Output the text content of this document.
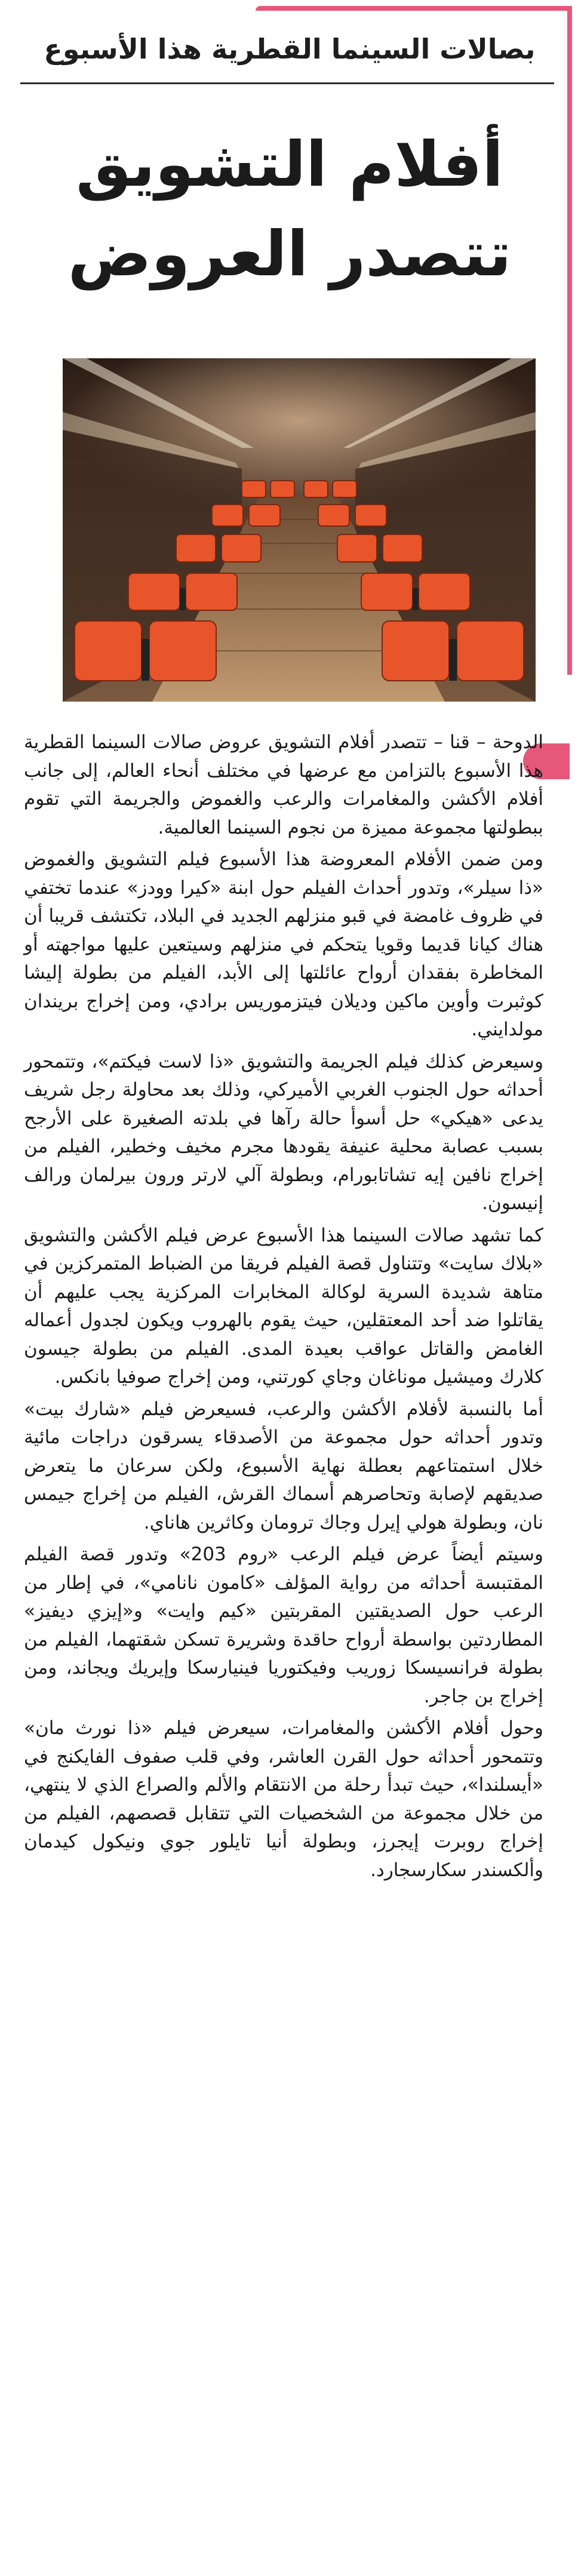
بصالات السينما القطرية هذا الأسبوع
أفلام التشويق
تتصدر العروض

الدوحة – قنا – تتصدر أفلام التشويق عروض صالات السينما القطرية هذا الأسبوع بالتزامن مع عرضها في مختلف أنحاء العالم، إلى جانب أفلام الأكشن والمغامرات والرعب والغموض والجريمة التي تقوم ببطولتها مجموعة مميزة من نجوم السينما العالمية.

ومن ضمن الأفلام المعروضة هذا الأسبوع فيلم التشويق والغموض «ذا سيلر»، وتدور أحداث الفيلم حول ابنة «كيرا وودز» عندما تختفي في ظروف غامضة في قبو منزلهم الجديد في البلاد، تكتشف قريبا أن هناك كيانا قديما وقويا يتحكم في منزلهم وسيتعين عليها مواجهته أو المخاطرة بفقدان أرواح عائلتها إلى الأبد، الفيلم من بطولة إليشا كوثبرت وأوين ماكين وديلان فيتزموريس برادي، ومن إخراج بريندان مولدايني.

وسيعرض كذلك فيلم الجريمة والتشويق «ذا لاست فيكتم»، وتتمحور أحداثه حول الجنوب الغربي الأميركي، وذلك بعد محاولة رجل شريف يدعى «هيكي» حل أسوأ حالة رآها في بلدته الصغيرة على الأرجح بسبب عصابة محلية عنيفة يقودها مجرم مخيف وخطير، الفيلم من إخراج نافين إيه تشاتابورام، وبطولة آلي لارتر ورون بيرلمان ورالف إنيسون.

كما تشهد صالات السينما هذا الأسبوع عرض فيلم الأكشن والتشويق «بلاك سايت» وتتناول قصة الفيلم فريقا من الضباط المتمركزين في متاهة شديدة السرية لوكالة المخابرات المركزية يجب عليهم أن يقاتلوا ضد أحد المعتقلين، حيث يقوم بالهروب ويكون لجدول أعماله الغامض والقاتل عواقب بعيدة المدى. الفيلم من بطولة جيسون كلارك وميشيل موناغان وجاي كورتني، ومن إخراج صوفيا بانكس.

أما بالنسبة لأفلام الأكشن والرعب، فسيعرض فيلم «شارك بيت» وتدور أحداثه حول مجموعة من الأصدقاء يسرقون دراجات مائية خلال استمتاعهم بعطلة نهاية الأسبوع، ولكن سرعان ما يتعرض صديقهم لإصابة وتحاصرهم أسماك القرش، الفيلم من إخراج جيمس نان، وبطولة هولي إيرل وجاك ترومان وكاثرين هاناي.

وسيتم أيضاً عرض فيلم الرعب «روم 203» وتدور قصة الفيلم المقتبسة أحداثه من رواية المؤلف «كامون نانامي»، في إطار من الرعب حول الصديقتين المقربتين «كيم وايت» و«إيزي ديفيز» المطاردتين بواسطة أرواح حاقدة وشريرة تسكن شقتهما، الفيلم من بطولة فرانسيسكا زوريب وفيكتوريا فينيارسكا وإيريك ويجاند، ومن إخراج بن جاجر.

وحول أفلام الأكشن والمغامرات، سيعرض فيلم «ذا نورث مان» وتتمحور أحداثه حول القرن العاشر، وفي قلب صفوف الفايكنج في «أيسلندا»، حيث تبدأ رحلة من الانتقام والألم والصراع الذي لا ينتهي، من خلال مجموعة من الشخصيات التي تتقابل قصصهم، الفيلم من إخراج روبرت إيجرز، وبطولة أنيا تايلور جوي ونيكول كيدمان وألكسندر سكارسجارد.
